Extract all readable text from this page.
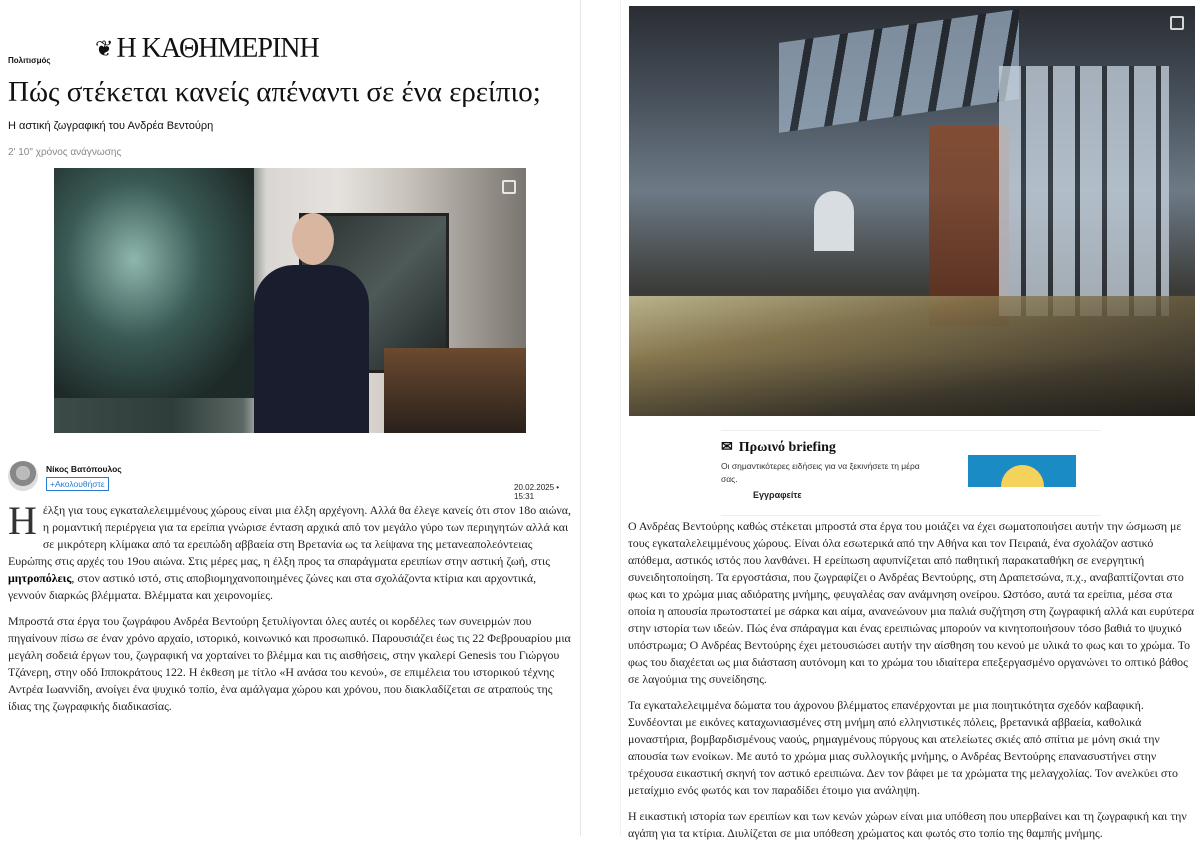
❦ Η ΚΑΘΗΜΕΡΙΝΗ
Πολιτισμός
Πώς στέκεται κανείς απέναντι σε ένα ερείπιο;
Η αστική ζωγραφική του Ανδρέα Βεντούρη
2' 10" χρόνος ανάγνωσης
Νίκος Βατόπουλος
+Ακολουθήστε	20.02.2025 • 15:31

Η έλξη για τους εγκαταλελειμμένους χώρους είναι μια έλξη αρχέγονη. Αλλά θα έλεγε κανείς ότι στον 18ο αιώνα, η ρομαντική περιέργεια για τα ερείπια γνώρισε ένταση αρχικά από τον μεγάλο γύρο των περιηγητών αλλά και σε μικρότερη κλίμακα από τα ερειπώδη αββαεία στη Βρετανία ως τα λείψανα της μετανεαπολεόντειας Ευρώπης στις αρχές του 19ου αιώνα. Στις μέρες μας, η έλξη προς τα σπαράγματα ερειπίων στην αστική ζωή, στις μητροπόλεις, στον αστικό ιστό, στις αποβιομηχανοποιημένες ζώνες και στα σχολάζοντα κτίρια και αρχοντικά, γεννούν διαρκώς βλέμματα. Βλέμματα και χειρονομίες.

Μπροστά στα έργα του ζωγράφου Ανδρέα Βεντούρη ξετυλίγονται όλες αυτές οι κορδέλες των συνειρμών που πηγαίνουν πίσω σε έναν χρόνο αρχαίο, ιστορικό, κοινωνικό και προσωπικό. Παρουσιάζει έως τις 22 Φεβρουαρίου μια μεγάλη σοδειά έργων του, ζωγραφική να χορταίνει το βλέμμα και τις αισθήσεις, στην γκαλερί Genesis του Γιώργου Τζάνερη, στην οδό Ιπποκράτους 122. Η έκθεση με τίτλο «Η ανάσα του κενού», σε επιμέλεια του ιστορικού τέχνης Αντρέα Ιωαννίδη, ανοίγει ένα ψυχικό τοπίο, ένα αμάλγαμα χώρου και χρόνου, που διακλαδίζεται σε ατραπούς της ίδιας της ζωγραφικής διαδικασίας.

✉ Πρωινό briefing
Οι σημαντικότερες ειδήσεις για να ξεκινήσετε τη μέρα σας.
Εγγραφείτε

Ο Ανδρέας Βεντούρης καθώς στέκεται μπροστά στα έργα του μοιάζει να έχει σωματοποιήσει αυτήν την ώσμωση με τους εγκαταλελειμμένους χώρους. Είναι όλα εσωτερικά από την Αθήνα και τον Πειραιά, ένα σχολάζον αστικό απόθεμα, αστικός ιστός που λανθάνει. Η ερείπωση αφυπνίζεται από παθητική παρακαταθήκη σε ενεργητική συνειδητοποίηση. Τα εργοστάσια, που ζωγραφίζει ο Ανδρέας Βεντούρης, στη Δραπετσώνα, π.χ., αναβαπτίζονται στο φως και το χρώμα μιας αδιόρατης μνήμης, φευγαλέας σαν ανάμνηση ονείρου. Ωστόσο, αυτά τα ερείπια, μέσα στα οποία η απουσία πρωτοστατεί με σάρκα και αίμα, ανανεώνουν μια παλιά συζήτηση στη ζωγραφική αλλά και ευρύτερα στην ιστορία των ιδεών. Πώς ένα σπάραγμα και ένας ερειπιώνας μπορούν να κινητοποιήσουν τόσο βαθιά το ψυχικό υπόστρωμα; Ο Ανδρέας Βεντούρης έχει μετουσιώσει αυτήν την αίσθηση του κενού με υλικά το φως και το χρώμα. Το φως του διαχέεται ως μια διάσταση αυτόνομη και το χρώμα του ιδιαίτερα επεξεργασμένο οργανώνει το οπτικό βάθος σε λαγούμια της συνείδησης.

Τα εγκαταλελειμμένα δώματα του άχρονου βλέμματος επανέρχονται με μια ποιητικότητα σχεδόν καβαφική. Συνδέονται με εικόνες καταχωνιασμένες στη μνήμη από ελληνιστικές πόλεις, βρετανικά αββαεία, καθολικά μοναστήρια, βομβαρδισμένους ναούς, ρημαγμένους πύργους και ατελείωτες σκιές από σπίτια με μόνη σκιά την απουσία των ενοίκων. Με αυτό το χρώμα μιας συλλογικής μνήμης, ο Ανδρέας Βεντούρης επανασυστήνει στην τρέχουσα εικαστική σκηνή τον αστικό ερειπιώνα. Δεν τον βάφει με τα χρώματα της μελαγχολίας. Τον ανελκύει στο μεταίχμιο ενός φωτός και τον παραδίδει έτοιμο για ανάληψη.

Η εικαστική ιστορία των ερειπίων και των κενών χώρων είναι μια υπόθεση που υπερβαίνει και τη ζωγραφική και την αγάπη για τα κτίρια. Διυλίζεται σε μια υπόθεση χρώματος και φωτός στο τοπίο της θαμπής μνήμης.
